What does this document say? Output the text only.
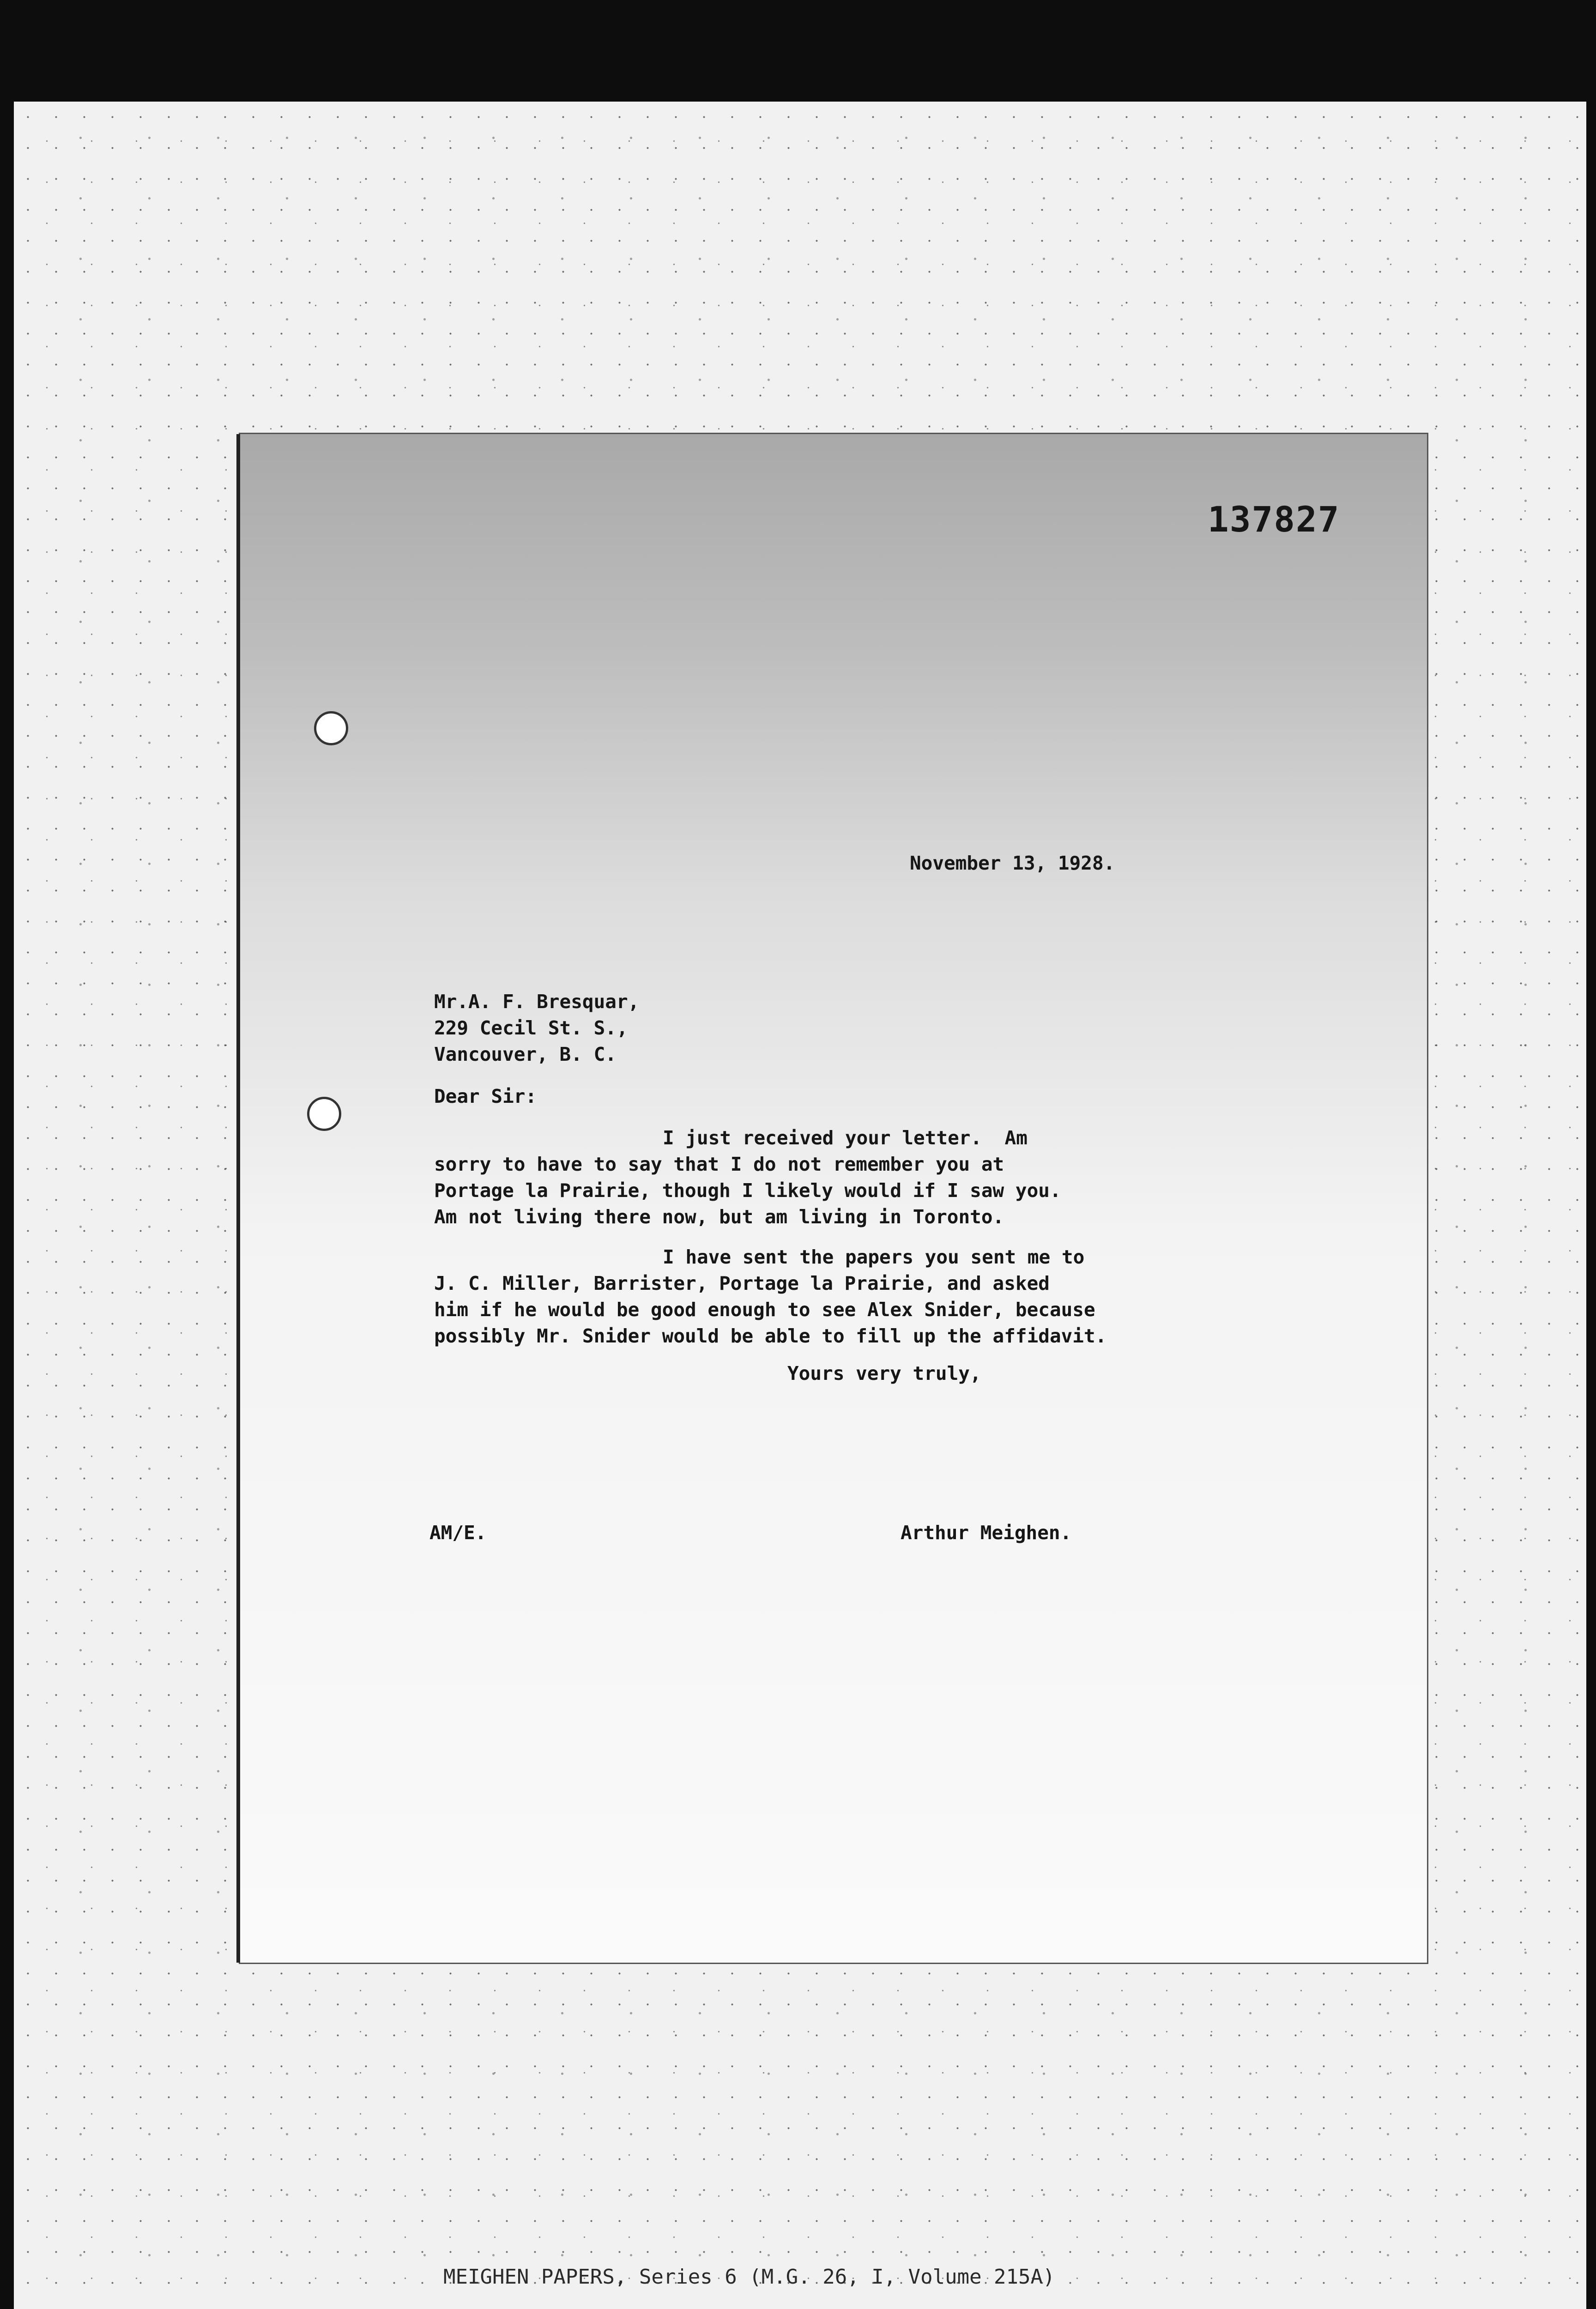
137827
November 13, 1928.
Mr.A. F. Bresquar,
229 Cecil St. S.,
Vancouver, B. C.
Dear Sir:
I just received your letter.  Am
sorry to have to say that I do not remember you at
Portage la Prairie, though I likely would if I saw you.
Am not living there now, but am living in Toronto.
I have sent the papers you sent me to
J. C. Miller, Barrister, Portage la Prairie, and asked
him if he would be good enough to see Alex Snider, because
possibly Mr. Snider would be able to fill up the affidavit.
Yours very truly,
AM/E.	Arthur Meighen.
MEIGHEN PAPERS, Series 6 (M.G. 26, I, Volume 215A)
